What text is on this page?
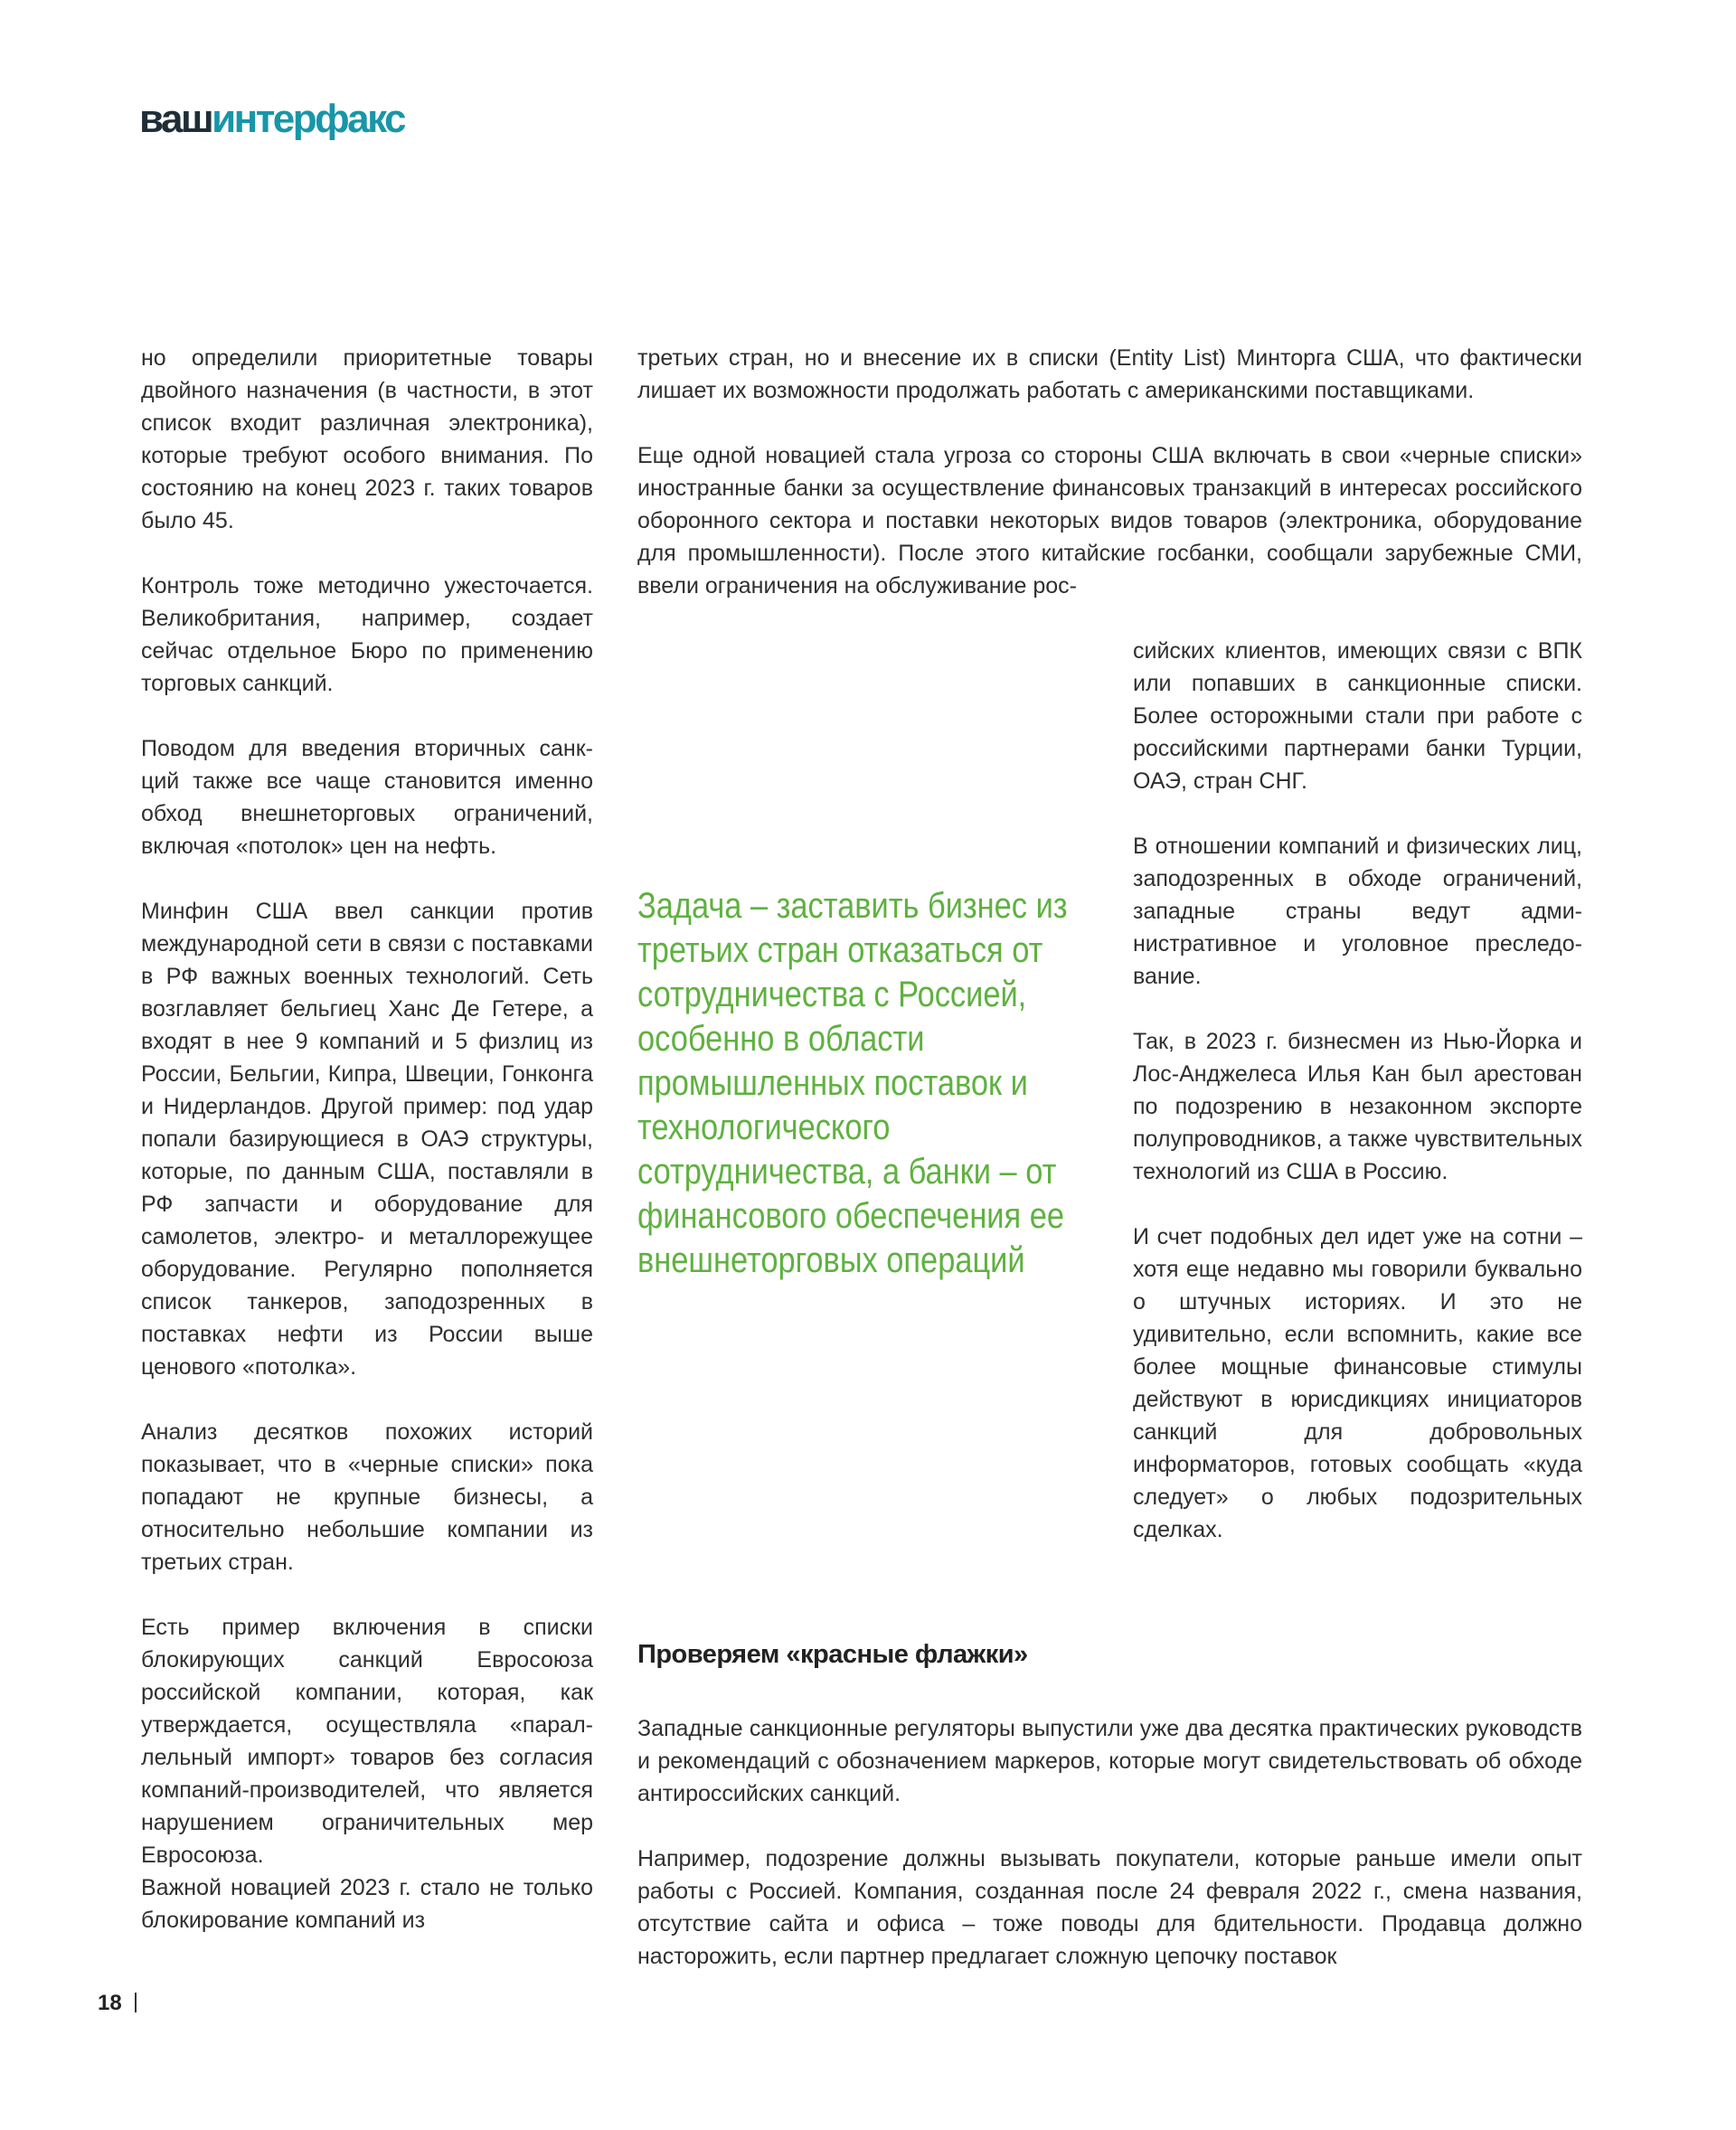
вашинтерфакс

но определили приоритетные товары двойного назначения (в частности, в этот список входит различная электроника), которые требуют особого внимания. По состоянию на конец 2023 г. таких товаров было 45.

Контроль тоже методично ужесточается. Великобритания, например, создает сейчас отдельное Бюро по применению торговых санкций.

Поводом для введения вторичных санкций также все чаще становится именно обход внешнеторговых ограничений, включая «потолок» цен на нефть.

Минфин США ввел санкции против международной сети в связи с поставками в РФ важных военных технологий. Сеть возглавляет бельгиец Ханс Де Гетере, а входят в нее 9 компаний и 5 физлиц из России, Бельгии, Кипра, Швеции, Гонконга и Нидерландов. Другой пример: под удар попали базирующиеся в ОАЭ структуры, которые, по данным США, поставляли в РФ запчасти и оборудование для самолетов, электро- и металлорежущее оборудование. Регулярно пополняется список танкеров, заподозренных в поставках нефти из России выше ценового «потолка».

Анализ десятков похожих историй показывает, что в «черные списки» пока попадают не крупные бизнесы, а относительно небольшие компании из третьих стран.

Есть пример включения в списки блокирующих санкций Евросоюза российской компании, которая, как утверждается, осуществляла «параллельный импорт» товаров без согласия компаний-производителей, что является нарушением ограничительных мер Евросоюза.

Важной новацией 2023 г. стало не только блокирование компаний из

третьих стран, но и внесение их в списки (Entity List) Минторга США, что фактически лишает их возможности продолжать работать с американскими поставщиками.

Еще одной новацией стала угроза со стороны США включать в свои «черные списки» иностранные банки за осуществление финансовых транзакций в интересах российского оборонного сектора и поставки некоторых видов товаров (электроника, оборудование для промышленности). После этого китайские госбанки, сообщали зарубежные СМИ, ввели ограничения на обслуживание рос-

сийских клиентов, имеющих связи с ВПК или попавших в санкционные списки. Более осторожными стали при работе с российскими партнерами банки Турции, ОАЭ, стран СНГ.

В отношении компаний и физических лиц, заподозренных в обходе ограничений, западные страны ведут административное и уголовное преследование.

Так, в 2023 г. бизнесмен из Нью-Йорка и Лос-Анджелеса Илья Кан был арестован по подозрению в незаконном экспорте полупроводников, а также чувствительных технологий из США в Россию.

И счет подобных дел идет уже на сотни – хотя еще недавно мы говорили буквально о штучных историях. И это не удивительно, если вспомнить, какие все более мощные финансовые стимулы действуют в юрисдикциях инициаторов санкций для добровольных информаторов, готовых сообщать «куда следует» о любых подозрительных сделках.

Задача – заставить бизнес из третьих стран отказаться от сотрудничества с Россией, особенно в области промышленных поставок и технологического сотрудничества, а банки – от финансового обеспечения ее внешнеторговых операций
Проверяем «красные флажки»

Западные санкционные регуляторы выпустили уже два десятка практических руководств и рекомендаций с обозначением маркеров, которые могут свидетельствовать об обходе антироссийских санкций.

Например, подозрение должны вызывать покупатели, которые раньше имели опыт работы с Россией. Компания, созданная после 24 февраля 2022 г., смена названия, отсутствие сайта и офиса – тоже поводы для бдительности. Продавца должно насторожить, если партнер предлагает сложную цепочку поставок

18
